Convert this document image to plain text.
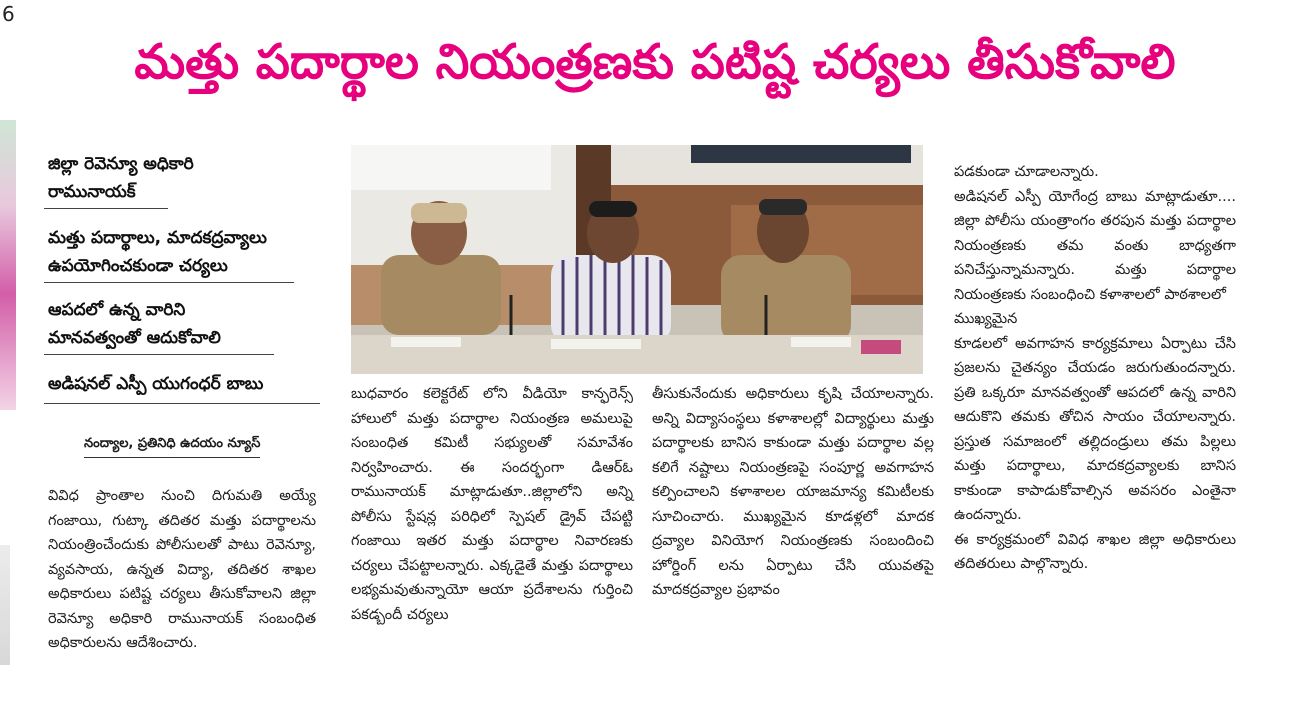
6
మత్తు పదార్థాల నియంత్రణకు పటిష్ట చర్యలు తీసుకోవాలి
జిల్లా రెవెన్యూ అధికారి
రామునాయక్
మత్తు పదార్థాలు, మాదకద్రవ్యాలు
ఉపయోగించకుండా చర్యలు
ఆపదలో ఉన్న వారిని
మానవత్వంతో ఆదుకోవాలి
అడిషనల్ ఎస్పీ యుగంధర్ బాబు
నంద్యాల, ప్రతినిధి ఉదయం న్యూస్

వివిధ ప్రాంతాల నుంచి దిగుమతి అయ్యే గంజాయి, గుట్కా తదితర మత్తు పదార్థాలను నియంత్రించేందుకు పోలీసులతో పాటు రెవెన్యూ, వ్యవసాయ, ఉన్నత విద్యా, తదితర శాఖల అధికారులు పటిష్ట చర్యలు తీసుకోవాలని జిల్లా రెవెన్యూ అధికారి రామునాయక్ సంబంధిత అధికారులను ఆదేశించారు.

బుధవారం కలెక్టరేట్ లోని వీడియో కాన్ఫరెన్స్ హాలులో మత్తు పదార్థాల నియంత్రణ అమలుపై సంబంధిత కమిటీ సభ్యులతో సమావేశం నిర్వహించారు. ఈ సందర్భంగా డిఆర్‌ఓ రామునాయక్ మాట్లాడుతూ..జిల్లాలోని అన్ని పోలీసు స్టేషన్ల పరిధిలో స్పెషల్ డ్రైవ్ చేపట్టి గంజాయి ఇతర మత్తు పదార్థాల నివారణకు చర్యలు చేపట్టాలన్నారు. ఎక్కడైతే మత్తు పదార్థాలు లభ్యమవుతున్నాయో ఆయా ప్రదేశాలను గుర్తించి పకడ్బందీ చర్యలు

తీసుకునేందుకు అధికారులు కృషి చేయాలన్నారు. అన్ని విద్యాసంస్థలు కళాశాలల్లో విద్యార్థులు మత్తు పదార్థాలకు బానిస కాకుండా మత్తు పదార్థాల వల్ల కలిగే నష్టాలు నియంత్రణపై సంపూర్ణ అవగాహన కల్పించాలని కళాశాలల యాజమాన్య కమిటీలకు సూచించారు. ముఖ్యమైన కూడళ్లలో మాదక ద్రవ్యాల వినియోగ నియంత్రణకు సంబందించి హోర్డింగ్ లను ఏర్పాటు చేసి యువతపై మాదకద్రవ్యాల ప్రభావం

పడకుండా చూడాలన్నారు.

అడిషనల్ ఎస్పీ యోగేంద్ర బాబు మాట్లాడుతూ.... జిల్లా పోలీసు యంత్రాంగం తరపున మత్తు పదార్థాల నియంత్రణకు తమ వంతు బాధ్యతగా పనిచేస్తున్నామన్నారు. మత్తు పదార్థాల నియంత్రణకు సంబంధించి కళాశాలలో పాఠశాలలో

ముఖ్యమైన

కూడలలో అవగాహన కార్యక్రమాలు ఏర్పాటు చేసి ప్రజలను చైతన్యం చేయడం జరుగుతుందన్నారు. ప్రతి ఒక్కరూ మానవత్వంతో ఆపదలో ఉన్న వారిని ఆదుకొని తమకు తోచిన సాయం చేయాలన్నారు. ప్రస్తుత సమాజంలో తల్లిదండ్రులు తమ పిల్లలు మత్తు పదార్థాలు, మాదకద్రవ్యాలకు బానిస కాకుండా కాపాడుకోవాల్సిన అవసరం ఎంతైనా ఉందన్నారు.

ఈ కార్యక్రమంలో వివిధ శాఖల జిల్లా అధికారులు తదితరులు పాల్గొన్నారు.
